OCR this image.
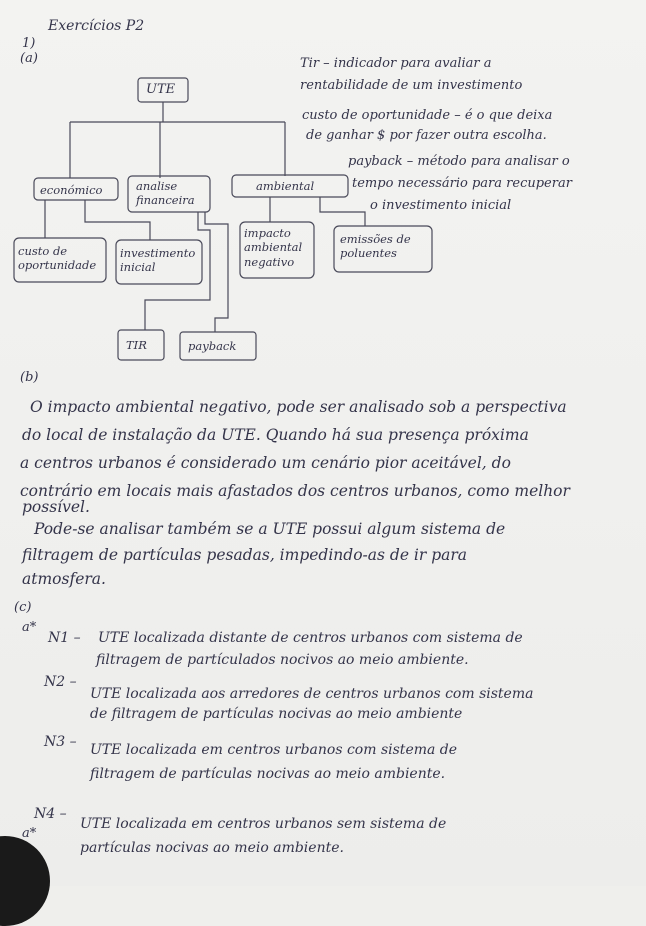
Exercícios P2
1)
(a)
UTE
económico	analise financeira
ambiental
custo de oportunidade
investimento inicial
TIR	payback
impacto ambiental negativo
emissões de poluentes
Tir – indicador para avaliar a
rentabilidade de um investimento
custo de oportunidade – é o que deixa
de ganhar $ por fazer outra escolha.
payback – método para analisar o
tempo necessário para recuperar
o investimento inicial
(b)
O impacto ambiental negativo, pode ser analisado sob a perspectiva
do local de instalação da UTE. Quando há sua presença próxima
a centros urbanos é considerado um cenário pior aceitável, do
contrário em locais mais afastados dos centros urbanos, como melhor
possível.
Pode-se analisar também se a UTE possui algum sistema de
filtragem de partículas pesadas, impedindo-as de ir para
atmosfera.
(c)
a*
N1 – UTE localizada distante de centros urbanos com sistema de
filtragem de partículados nocivos ao meio ambiente.
N2 –
UTE localizada aos arredores de centros urbanos com sistema
de filtragem de partículas nocivas ao meio ambiente
N3 – UTE localizada em centros urbanos com sistema de
filtragem de partículas nocivas ao meio ambiente.
N4 –
a*
UTE localizada em centros urbanos sem sistema de
partículas nocivas ao meio ambiente.
